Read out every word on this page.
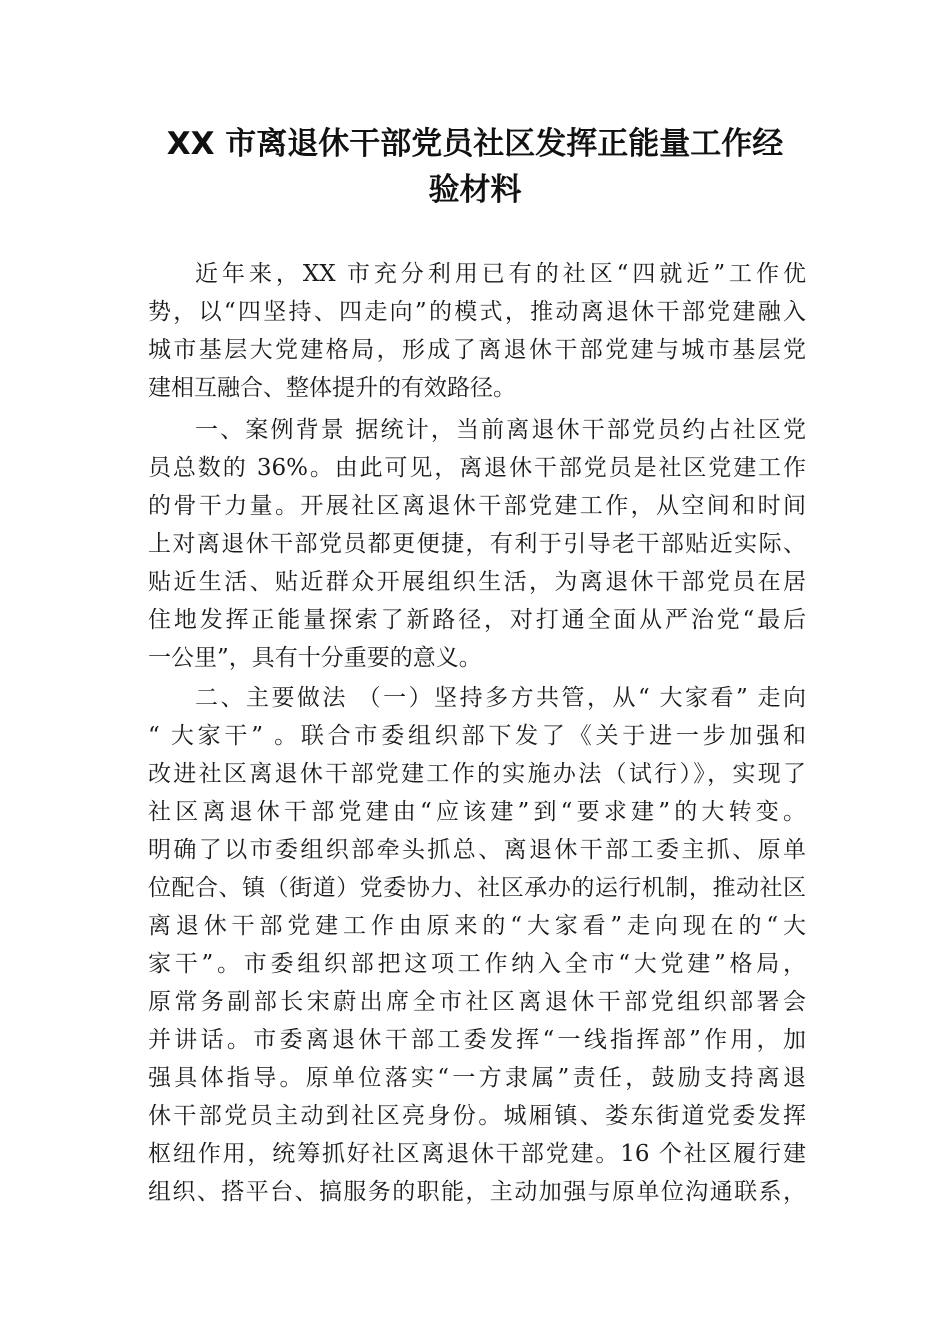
XX 市离退休干部党员社区发挥正能量工作经
验材料
近年来，XX 市充分利用已有的社区“四就近”工作优
势，以“四坚持、四走向”的模式，推动离退休干部党建融入
城市基层大党建格局，形成了离退休干部党建与城市基层党
建相互融合、整体提升的有效路径。
一、案例背景 据统计，当前离退休干部党员约占社区党
员总数的 36%。由此可见，离退休干部党员是社区党建工作
的骨干力量。开展社区离退休干部党建工作，从空间和时间
上对离退休干部党员都更便捷，有利于引导老干部贴近实际、
贴近生活、贴近群众开展组织生活，为离退休干部党员在居
住地发挥正能量探索了新路径，对打通全面从严治党“最后
一公里”，具有十分重要的意义。
二、主要做法 （一）坚持多方共管，从“ 大家看” 走向
“ 大家干” 。联合市委组织部下发了《关于进一步加强和
改进社区离退休干部党建工作的实施办法（试行）》，实现了
社区离退休干部党建由“应该建”到“要求建”的大转变。
明确了以市委组织部牵头抓总、离退休干部工委主抓、原单
位配合、镇（街道）党委协力、社区承办的运行机制，推动社区
离退休干部党建工作由原来的“大家看”走向现在的“大
家干”。市委组织部把这项工作纳入全市“大党建”格局，
原常务副部长宋蔚出席全市社区离退休干部党组织部署会
并讲话。市委离退休干部工委发挥“一线指挥部”作用，加
强具体指导。原单位落实“一方隶属”责任，鼓励支持离退
休干部党员主动到社区亮身份。城厢镇、娄东街道党委发挥
枢纽作用，统筹抓好社区离退休干部党建。16 个社区履行建
组织、搭平台、搞服务的职能，主动加强与原单位沟通联系，
